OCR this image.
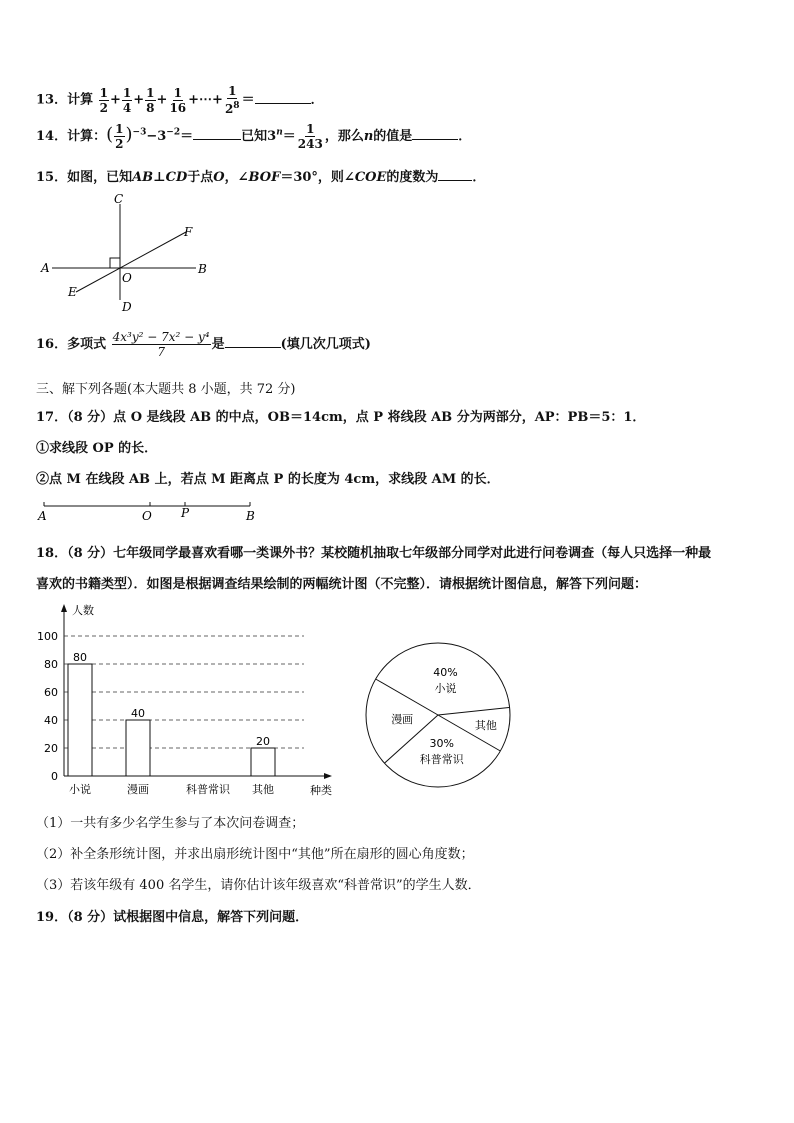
13．计算 $\frac{1}{2} + \frac{1}{4} + \frac{1}{8} + \frac{1}{16}$ +⋯+ $\frac{1}{2^8}$ ＝	．
14．计算：( $\frac{1}{2} )^{-3}-3^{-2}=$	已知$3^n= \frac{1}{243}$ ，那么n的值是	．
15．如图，已知AB⊥CD于点O，∠BOF＝30°，则∠COE的度数为	．
C
F
A
O
B
E
D
16．多项式 $\frac{\text{4x³y² − 7x² − y⁴}}{7}$ 是	(填几次几项式)
三、解下列各题(本大题共 8 小题，共 72 分)
17．（8 分）点 O 是线段 AB 的中点，OB＝14cm，点 P 将线段 AB 分为两部分，AP：PB＝5：1．
①求线段 OP 的长．
②点 M 在线段 AB 上，若点 M 距离点 P 的长度为 4cm，求线段 AM 的长．
A	O P	B
18．（8 分）七年级同学最喜欢看哪一类课外书？某校随机抽取七年级部分同学对此进行问卷调查（每人只选择一种最
喜欢的书籍类型）．如图是根据调查结果绘制的两幅统计图（不完整）．请根据统计图信息，解答下列问题：
人数
种类
0
20
40
60
80
100
80
小说
40
漫画	科普常识
20
其他
40%
小说
漫画
30%
科普常识
其他
（1）一共有多少名学生参与了本次问卷调查；
（2）补全条形统计图，并求出扇形统计图中“其他”所在扇形的圆心角度数；
（3）若该年级有 400 名学生，请你估计该年级喜欢“科普常识”的学生人数．
19．（8 分）试根据图中信息，解答下列问题．
